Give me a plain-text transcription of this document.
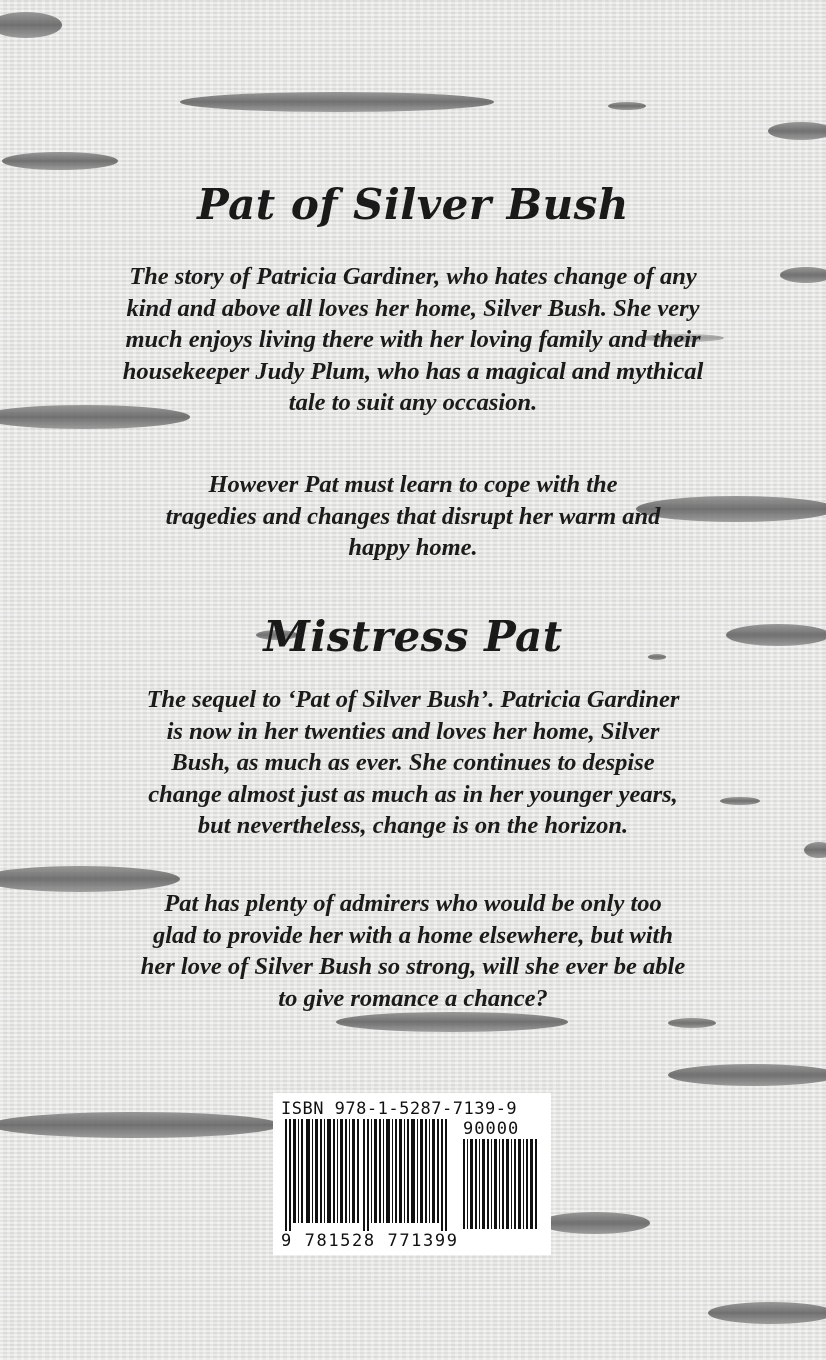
Pat of Silver Bush

The story of Patricia Gardiner, who hates change of any kind and above all loves her home, Silver Bush. She very much enjoys living there with her loving family and their housekeeper Judy Plum, who has a magical and mythical tale to suit any occasion.

However Pat must learn to cope with the tragedies and changes that disrupt her warm and happy home.

Mistress Pat

The sequel to ‘Pat of Silver Bush’. Patricia Gardiner is now in her twenties and loves her home, Silver Bush, as much as ever. She continues to despise change almost just as much as in her younger years, but nevertheless, change is on the horizon.

Pat has plenty of admirers who would be only too glad to provide her with a home elsewhere, but with her love of Silver Bush so strong, will she ever be able to give romance a chance?

ISBN 978-1-5287-7139-9
90000
9 781528 771399
